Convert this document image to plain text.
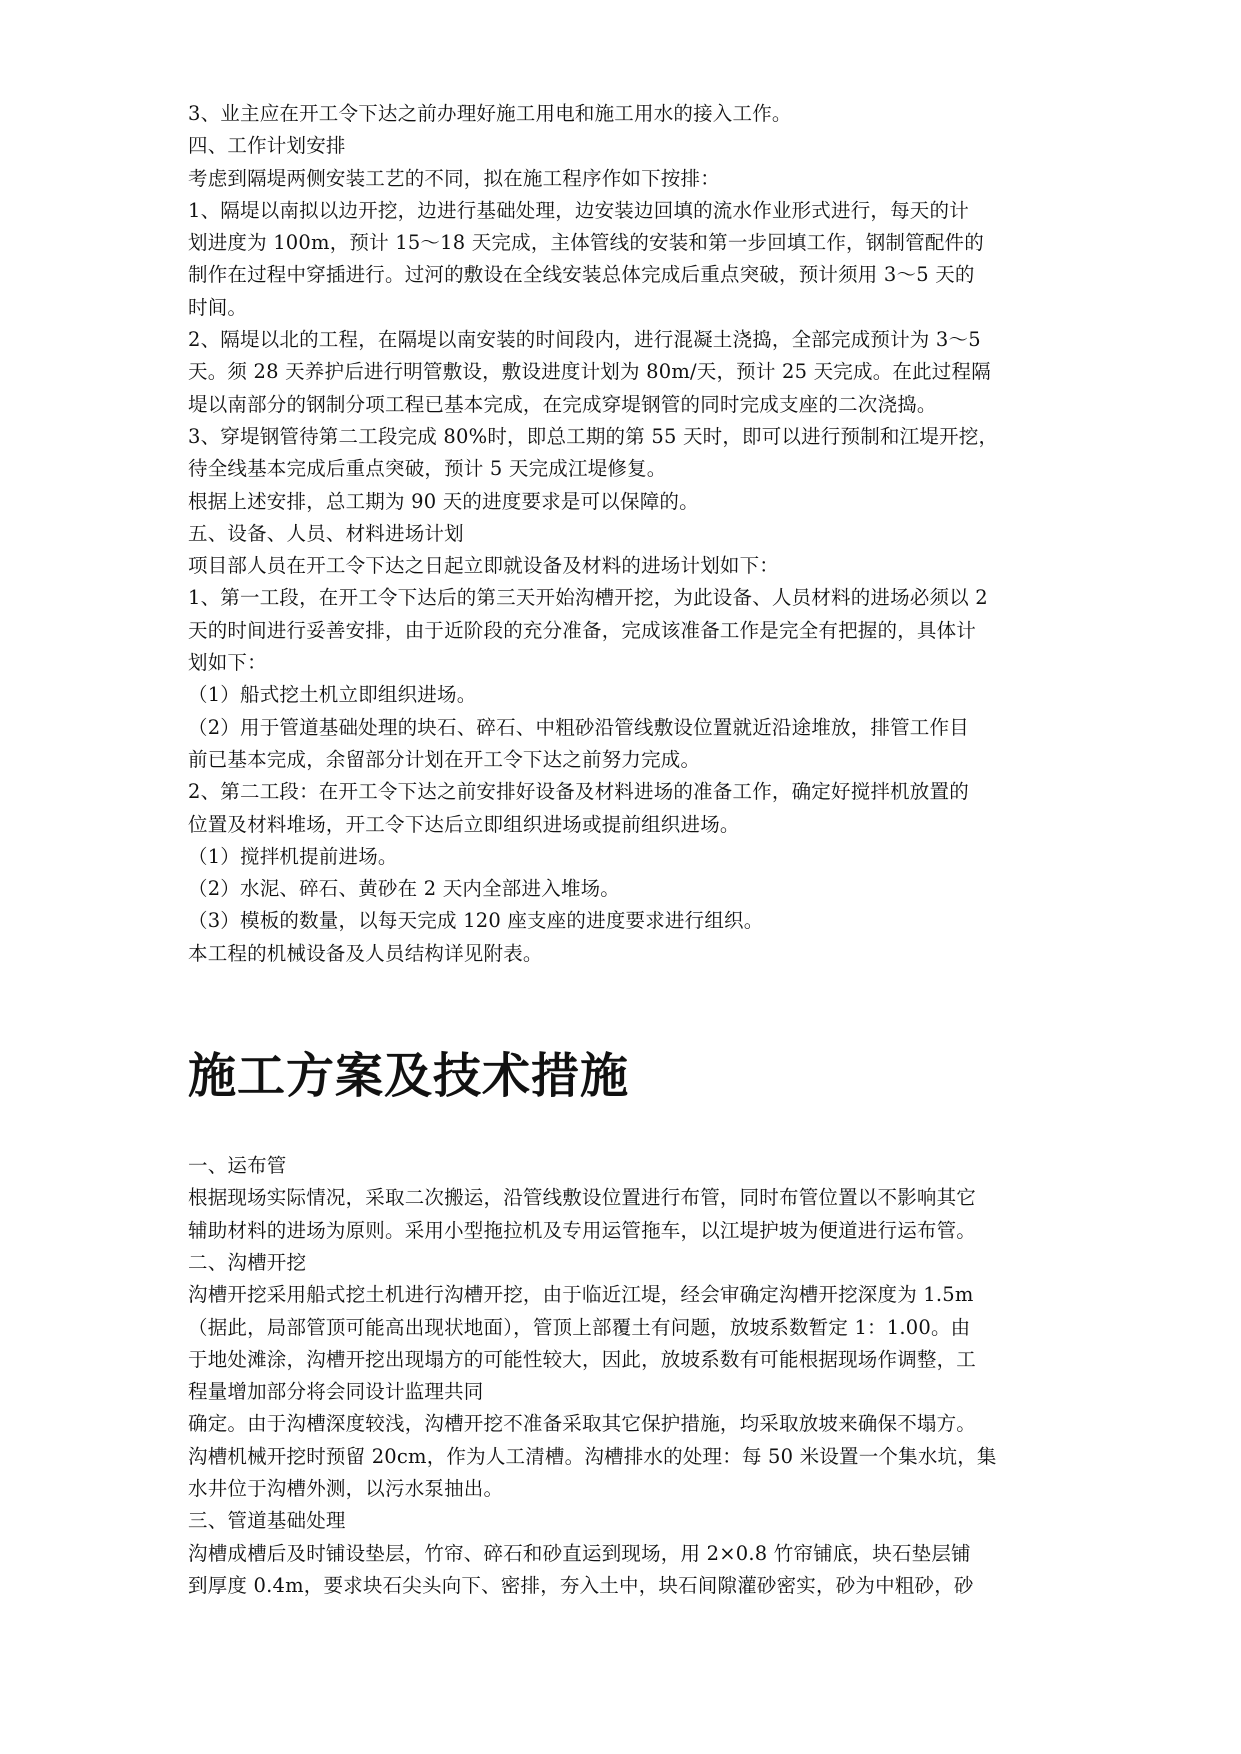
3、业主应在开工令下达之前办理好施工用电和施工用水的接入工作。
四、工作计划安排
考虑到隔堤两侧安装工艺的不同，拟在施工程序作如下按排：
1、隔堤以南拟以边开挖，边进行基础处理，边安装边回填的流水作业形式进行，每天的计
划进度为 100m，预计 15～18 天完成，主体管线的安装和第一步回填工作，钢制管配件的
制作在过程中穿插进行。过河的敷设在全线安装总体完成后重点突破，预计须用 3～5 天的
时间。
2、隔堤以北的工程，在隔堤以南安装的时间段内，进行混凝土浇捣，全部完成预计为 3～5
天。须 28 天养护后进行明管敷设，敷设进度计划为 80m/天，预计 25 天完成。在此过程隔
堤以南部分的钢制分项工程已基本完成，在完成穿堤钢管的同时完成支座的二次浇捣。
3、穿堤钢管待第二工段完成 80%时，即总工期的第 55 天时，即可以进行预制和江堤开挖，
待全线基本完成后重点突破，预计 5 天完成江堤修复。
根据上述安排，总工期为 90 天的进度要求是可以保障的。
五、设备、人员、材料进场计划
项目部人员在开工令下达之日起立即就设备及材料的进场计划如下：
1、第一工段，在开工令下达后的第三天开始沟槽开挖，为此设备、人员材料的进场必须以 2
天的时间进行妥善安排，由于近阶段的充分准备，完成该准备工作是完全有把握的，具体计
划如下：
（1）船式挖土机立即组织进场。
（2）用于管道基础处理的块石、碎石、中粗砂沿管线敷设位置就近沿途堆放，排管工作目
前已基本完成，余留部分计划在开工令下达之前努力完成。
2、第二工段：在开工令下达之前安排好设备及材料进场的准备工作，确定好搅拌机放置的
位置及材料堆场，开工令下达后立即组织进场或提前组织进场。
（1）搅拌机提前进场。
（2）水泥、碎石、黄砂在 2 天内全部进入堆场。
（3）模板的数量，以每天完成 120 座支座的进度要求进行组织。
本工程的机械设备及人员结构详见附表。
施工方案及技术措施
一、运布管
根据现场实际情况，采取二次搬运，沿管线敷设位置进行布管，同时布管位置以不影响其它
辅助材料的进场为原则。采用小型拖拉机及专用运管拖车，以江堤护坡为便道进行运布管。
二、沟槽开挖
沟槽开挖采用船式挖土机进行沟槽开挖，由于临近江堤，经会审确定沟槽开挖深度为 1.5m
（据此，局部管顶可能高出现状地面），管顶上部覆土有问题，放坡系数暂定 1：1.00。由
于地处滩涂，沟槽开挖出现塌方的可能性较大，因此，放坡系数有可能根据现场作调整，工
程量增加部分将会同设计监理共同
确定。由于沟槽深度较浅，沟槽开挖不准备采取其它保护措施，均采取放坡来确保不塌方。
沟槽机械开挖时预留 20cm，作为人工清槽。沟槽排水的处理：每 50 米设置一个集水坑，集
水井位于沟槽外测，以污水泵抽出。
三、管道基础处理
沟槽成槽后及时铺设垫层，竹帘、碎石和砂直运到现场，用 2×0.8 竹帘铺底，块石垫层铺
到厚度 0.4m，要求块石尖头向下、密排，夯入土中，块石间隙灌砂密实，砂为中粗砂，砂
